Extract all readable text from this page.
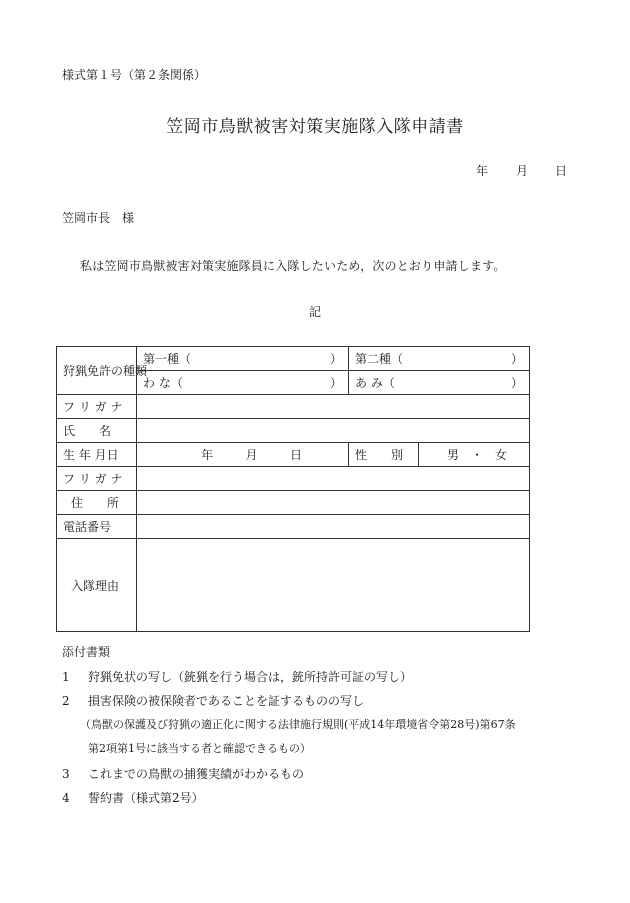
様式第１号（第２条関係）
笠岡市鳥獣被害対策実施隊入隊申請書
年 月 日
笠岡市長　様
私は笠岡市鳥獣被害対策実施隊員に入隊したいため，次のとおり申請します。
記
狩猟免許の種類	第一種（ ）	第二種（ ）	

	わ な（ ）	あ み（ ）	

フ リ ガ ナ			
氏　　名			
生 年 月日	年 月 日	性　　別	男　・　女
フ リ ガ ナ			
住　　所			
電話番号			
入隊理由			
添付書類
1 狩猟免状の写し（銃猟を行う場合は，銃所持許可証の写し）
2 損害保険の被保険者であることを証するものの写し
（鳥獣の保護及び狩猟の適正化に関する法律施行規則(平成14年環境省令第28号)第67条
第2項第1号に該当する者と確認できるもの）
3 これまでの鳥獣の捕獲実績がわかるもの
4 誓約書（様式第2号）
